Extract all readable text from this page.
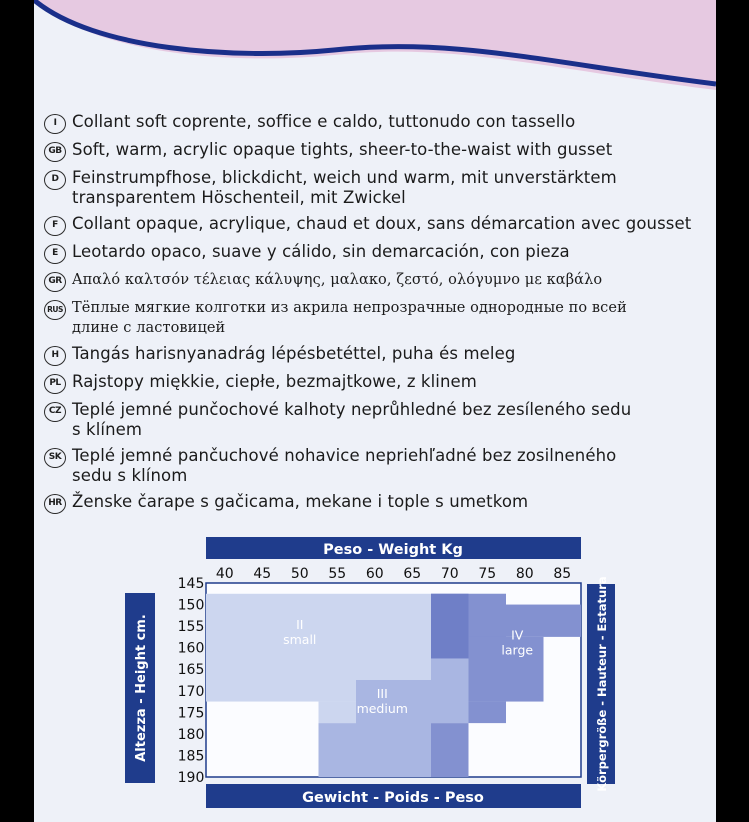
I Collant soft coprente, soffice e caldo, tuttonudo con tassello
GB Soft, warm, acrylic opaque tights, sheer-to-the-waist with gusset
D Feinstrumpfhose, blickdicht, weich und warm, mit unverstärktem transparentem Höschenteil, mit Zwickel
F Collant opaque, acrylique, chaud et doux, sans démarcation avec gousset
E Leotardo opaco, suave y cálido, sin demarcación, con pieza
GR Απαλό καλτσόν τέλειας κάλυψης, μαλακο, ζεστό, ολόγυμνο με καβάλο
RUS Тёплые мягкие колготки из акрила непрозрачные однородные по всей длине с ластовицей
H Tangás harisnyanadrág lépésbetéttel, puha és meleg
PL Rajstopy miękkie, ciepłe, bezmajtkowe, z klinem
CZ Teplé jemné punčochové kalhoty neprůhledné bez zesíleného sedu s klínem
SK Teplé jemné pančuchové nohavice nepriehľadné bez zosilneného sedu s klínom
HR Ženske čarape s gačicama, mekane i tople s umetkom
Peso - Weight Kg
Gewicht - Poids - Peso
Altezza - Height cm.	Körpergröße - Hauteur - Estatura
40 45 50 55 60 65 70 75 80 85
145
150
155
160
165
170
175
180
185
190
II
small
III
medium
IV
large
